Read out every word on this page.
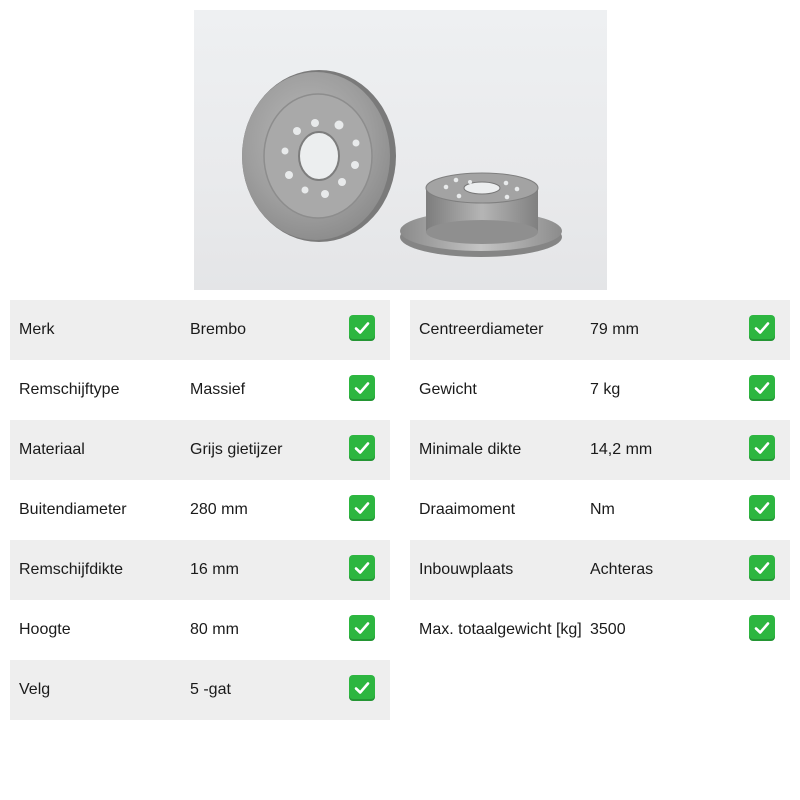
Merk	Brembo
Remschijftype	Massief
Materiaal	Grijs gietijzer
Buitendiameter	280 mm
Remschijfdikte	16 mm
Hoogte	80 mm
Velg	5 -gat
Centreerdiameter	79 mm
Gewicht	7 kg
Minimale dikte	14,2 mm
Draaimoment	Nm
Inbouwplaats	Achteras
Max. totaalgewicht [kg] 3500
